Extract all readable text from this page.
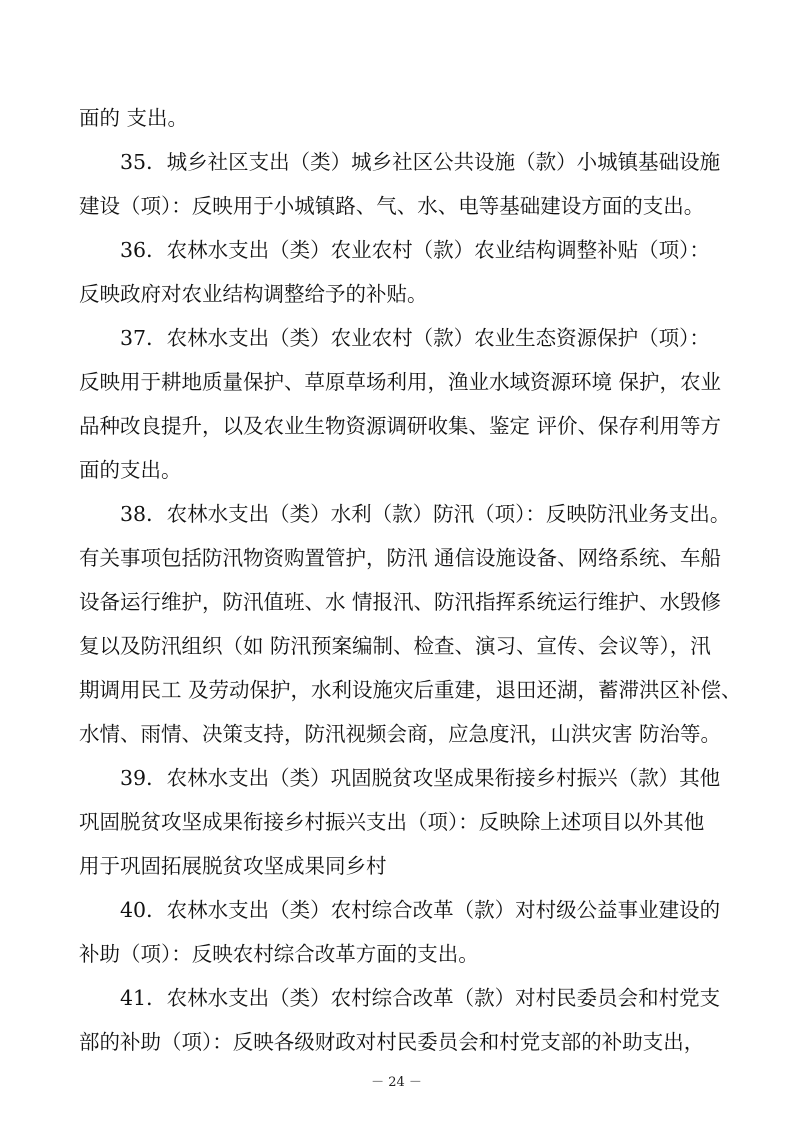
面的 支出。
35．城乡社区支出（类）城乡社区公共设施（款）小城镇基础设施
建设（项）：反映用于小城镇路、气、水、电等基础建设方面的支出。
36．农林水支出（类）农业农村（款）农业结构调整补贴（项）：
反映政府对农业结构调整给予的补贴。
37．农林水支出（类）农业农村（款）农业生态资源保护（项）：
反映用于耕地质量保护、草原草场利用，渔业水域资源环境 保护，农业
品种改良提升，以及农业生物资源调研收集、鉴定 评价、保存利用等方
面的支出。
38．农林水支出（类）水利（款）防汛（项）：反映防汛业务支出。
有关事项包括防汛物资购置管护，防汛 通信设施设备、网络系统、车船
设备运行维护，防汛值班、水 情报汛、防汛指挥系统运行维护、水毁修
复以及防汛组织（如 防汛预案编制、检查、演习、宣传、会议等），汛
期调用民工 及劳动保护，水利设施灾后重建，退田还湖，蓄滞洪区补偿、
水情、雨情、决策支持，防汛视频会商，应急度汛，山洪灾害 防治等。
39．农林水支出（类）巩固脱贫攻坚成果衔接乡村振兴（款）其他
巩固脱贫攻坚成果衔接乡村振兴支出（项）：反映除上述项目以外其他
用于巩固拓展脱贫攻坚成果同乡村
40．农林水支出（类）农村综合改革（款）对村级公益事业建设的
补助（项）：反映农村综合改革方面的支出。
41．农林水支出（类）农村综合改革（款）对村民委员会和村党支
部的补助（项）：反映各级财政对村民委员会和村党支部的补助支出，
－ 24 －
